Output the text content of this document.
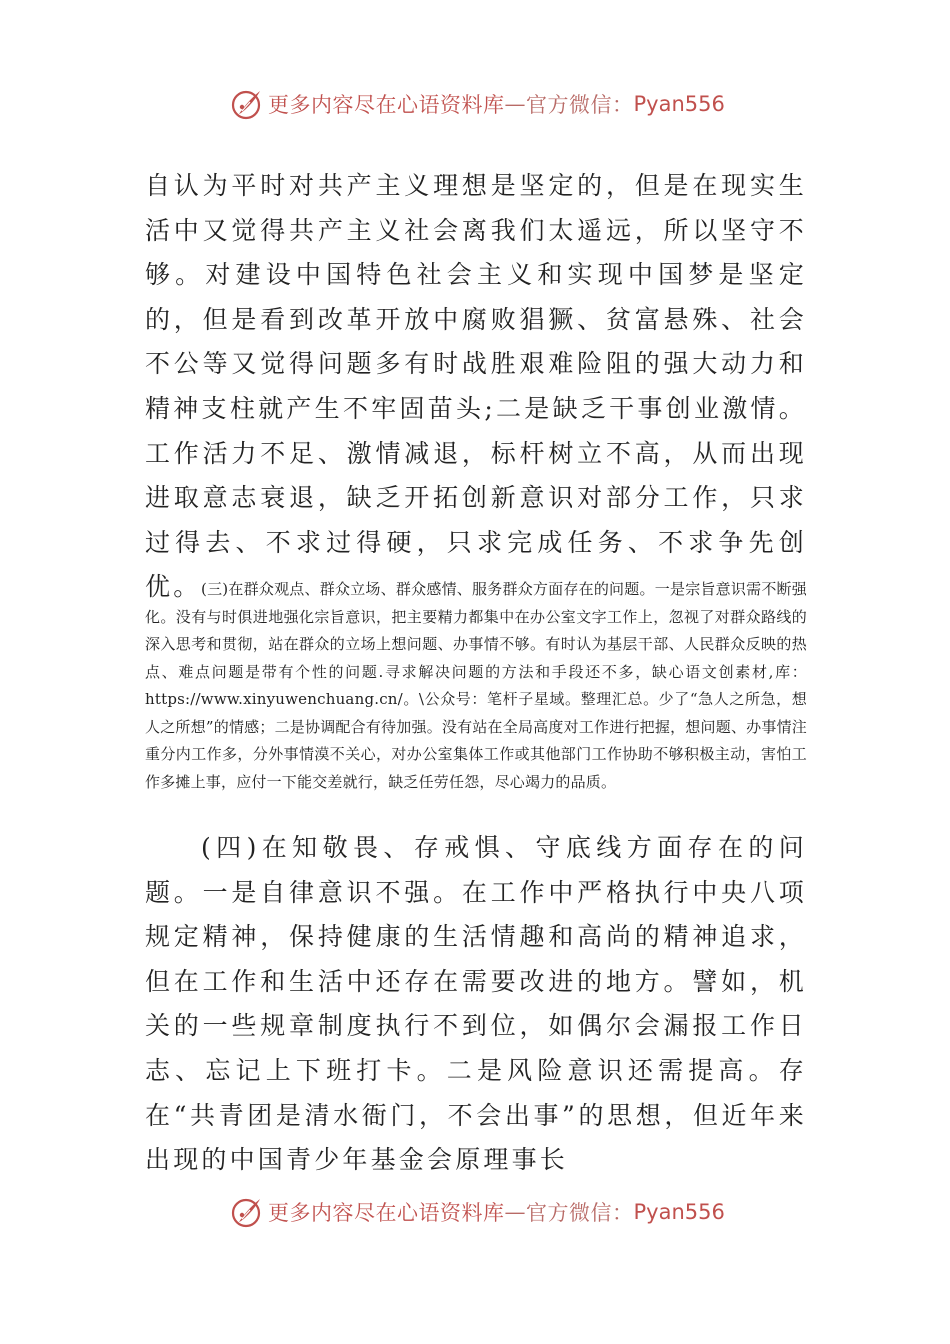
更多内容尽在心语资料库 — 官方微信： Pyan556

自认为平时对共产主义理想是坚定的，但是在现实生活中又觉得共产主义社会离我们太遥远，所以坚守不够。对建设中国特色社会主义和实现中国梦是坚定的，但是看到改革开放中腐败猖獗、贫富悬殊、社会不公等又觉得问题多有时战胜艰难险阻的强大动力和精神支柱就产生不牢固苗头;二是缺乏干事创业激情。工作活力不足、激情减退，标杆树立不高，从而出现进取意志衰退，缺乏开拓创新意识对部分工作，只求过得去、不求过得硬，只求完成任务、不求争先创优。 (三)在群众观点、群众立场、群众感情、服务群众方面存在的问题。一是宗旨意识需不断强化。没有与时俱进地强化宗旨意识，把主要精力都集中在办公室文字工作上，忽视了对群众路线的深入思考和贯彻，站在群众的立场上想问题、办事情不够。有时认为基层干部、人民群众反映的热点、难点问题是带有个性的问题.寻求解决问题的方法和手段还不多，缺心语文创素材,库：https://www.xinyuwenchuang.cn/。\公众号：笔杆子星域。整理汇总。少了“急人之所急，想人之所想”的情感；二是协调配合有待加强。没有站在全局高度对工作进行把握，想问题、办事情注重分内工作多，分外事情漠不关心，对办公室集体工作或其他部门工作协助不够积极主动，害怕工作多摊上事，应付一下能交差就行，缺乏任劳任怨，尽心竭力的品质。

(四)在知敬畏、存戒惧、守底线方面存在的问题。一是自律意识不强。在工作中严格执行中央八项规定精神，保持健康的生活情趣和高尚的精神追求，但在工作和生活中还存在需要改进的地方。譬如，机关的一些规章制度执行不到位，如偶尔会漏报工作日志、忘记上下班打卡。二是风险意识还需提高。存在“共青团是清水衙门，不会出事”的思想，但近年来出现的中国青少年基金会原理事长

更多内容尽在心语资料库 — 官方微信： Pyan556
